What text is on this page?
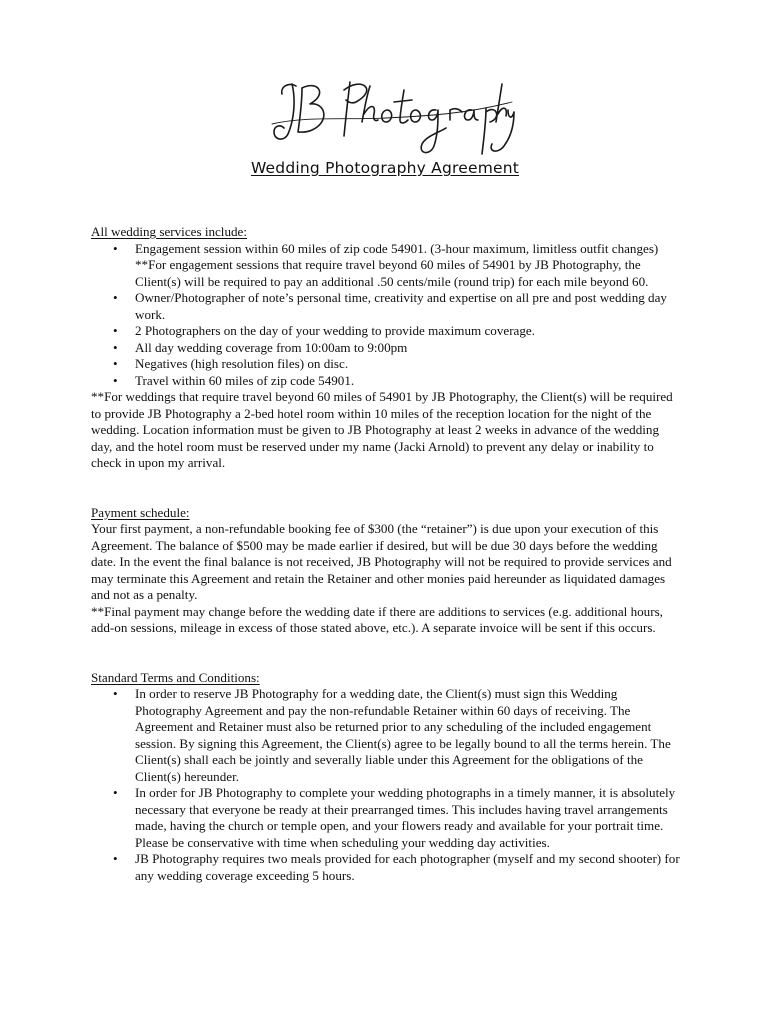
Wedding Photography Agreement
All wedding services include:
• Engagement session within 60 miles of zip code 54901. (3-hour maximum, limitless outfit changes) **For engagement sessions that require travel beyond 60 miles of 54901 by JB Photography, the Client(s) will be required to pay an additional .50 cents/mile (round trip) for each mile beyond 60.
• Owner/Photographer of note’s personal time, creativity and expertise on all pre and post wedding day work.
• 2 Photographers on the day of your wedding to provide maximum coverage.
• All day wedding coverage from 10:00am to 9:00pm
• Negatives (high resolution files) on disc.
• Travel within 60 miles of zip code 54901.

**For weddings that require travel beyond 60 miles of 54901 by JB Photography, the Client(s) will be required to provide JB Photography a 2-bed hotel room within 10 miles of the reception location for the night of the wedding. Location information must be given to JB Photography at least 2 weeks in advance of the wedding day, and the hotel room must be reserved under my name (Jacki Arnold) to prevent any delay or inability to check in upon my arrival.

Payment schedule:

Your first payment, a non-refundable booking fee of $300 (the “retainer”) is due upon your execution of this Agreement. The balance of $500 may be made earlier if desired, but will be due 30 days before the wedding date. In the event the final balance is not received, JB Photography will not be required to provide services and may terminate this Agreement and retain the Retainer and other monies paid hereunder as liquidated damages and not as a penalty.

**Final payment may change before the wedding date if there are additions to services (e.g. additional hours, add-on sessions, mileage in excess of those stated above, etc.). A separate invoice will be sent if this occurs.

Standard Terms and Conditions:
• In order to reserve JB Photography for a wedding date, the Client(s) must sign this Wedding Photography Agreement and pay the non-refundable Retainer within 60 days of receiving. The Agreement and Retainer must also be returned prior to any scheduling of the included engagement session. By signing this Agreement, the Client(s) agree to be legally bound to all the terms herein. The Client(s) shall each be jointly and severally liable under this Agreement for the obligations of the Client(s) hereunder.
• In order for JB Photography to complete your wedding photographs in a timely manner, it is absolutely necessary that everyone be ready at their prearranged times. This includes having travel arrangements made, having the church or temple open, and your flowers ready and available for your portrait time. Please be conservative with time when scheduling your wedding day activities.
• JB Photography requires two meals provided for each photographer (myself and my second shooter) for any wedding coverage exceeding 5 hours.
